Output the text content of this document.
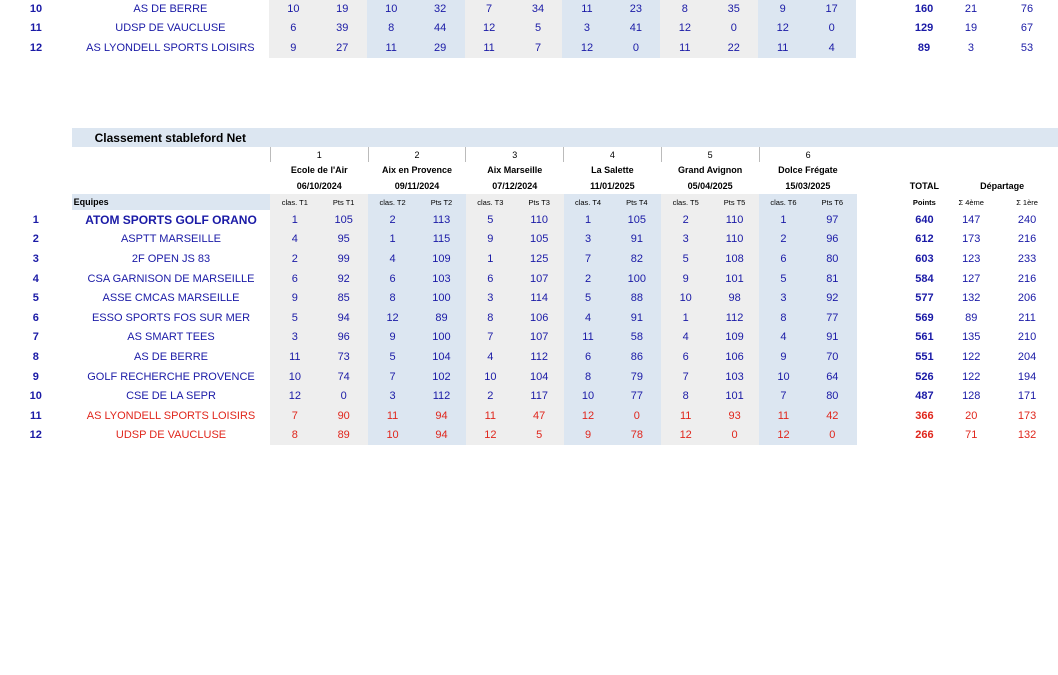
10	AS DE BERRE	10	19	10	32	7	34	11	23	8	35	9	17		160	21	76
11	UDSP DE VAUCLUSE	6	39	8	44	12	5	3	41	12	0	12	0		129	19	67
12	AS LYONDELL SPORTS LOISIRS	9	27	11	29	11	7	12	0	11	22	11	4		89	3	53
	Classement stableford Net																
		1		2		3		4		5		6					
		Ecole de l'Air		Aix en Provence		Aix Marseille		La Salette		Grand Avignon		Dolce Frégate					
		06/10/2024		09/11/2024		07/12/2024		11/01/2025		05/04/2025		15/03/2025			TOTAL	Départage	
	Equipes	clas. T1	Pts T1	clas. T2	Pts T2	clas. T3	Pts T3	clas. T4	Pts T4	clas. T5	Pts T5	clas. T6	Pts T6		Points	Σ 4ème	Σ 1ère
1	ATOM SPORTS GOLF ORANO	1	105	2	113	5	110	1	105	2	110	1	97		640	147	240
2	ASPTT MARSEILLE	4	95	1	115	9	105	3	91	3	110	2	96		612	173	216
3	2F OPEN JS 83	2	99	4	109	1	125	7	82	5	108	6	80		603	123	233
4	CSA GARNISON DE MARSEILLE	6	92	6	103	6	107	2	100	9	101	5	81		584	127	216
5	ASSE CMCAS MARSEILLE	9	85	8	100	3	114	5	88	10	98	3	92		577	132	206
6	ESSO SPORTS FOS SUR MER	5	94	12	89	8	106	4	91	1	112	8	77		569	89	211
7	AS SMART TEES	3	96	9	100	7	107	11	58	4	109	4	91		561	135	210
8	AS DE BERRE	11	73	5	104	4	112	6	86	6	106	9	70		551	122	204
9	GOLF RECHERCHE PROVENCE	10	74	7	102	10	104	8	79	7	103	10	64		526	122	194
10	CSE DE LA SEPR	12	0	3	112	2	117	10	77	8	101	7	80		487	128	171
11	AS LYONDELL SPORTS LOISIRS	7	90	11	94	11	47	12	0	11	93	11	42		366	20	173
12	UDSP DE VAUCLUSE	8	89	10	94	12	5	9	78	12	0	12	0		266	71	132
